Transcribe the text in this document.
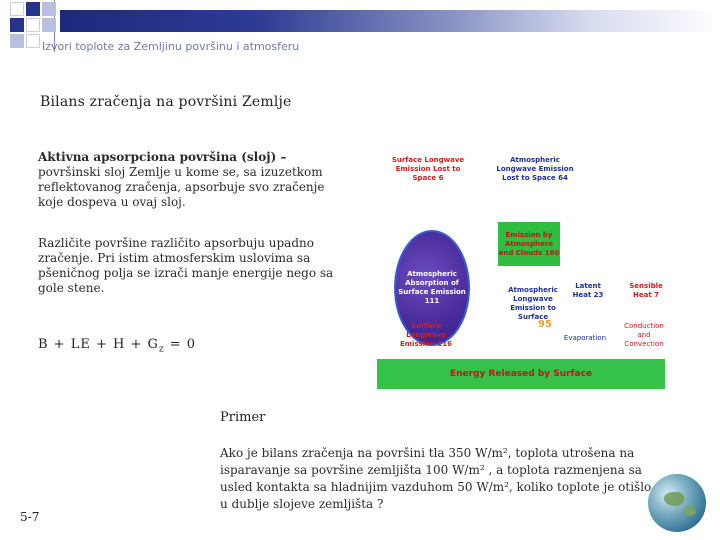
Izvori toplote za Zemljinu površinu i atmosferu
Bilans zračenja na površini Zemlje
Aktivna apsorpciona površina (sloj) – površinski sloj Zemlje u kome se, sa izuzetkom reflektovanog zračenja, apsorbuje svo zračenje koje dospeva u ovaj sloj.
Različite površine različito apsorbuju upadno zračenje. Pri istim atmosferskim uslovima sa pšeničnog polja se izrači manje energije nego sa gole stene.
B + LE + $H + G_z = 0$
Surface Longwave Emission Lost to Space 6
Atmospheric Longwave Emission Lost to Space 64
Atmospheric Absorption of Surface Emission 111
Emission by Atmosphere and Clouds 160
Atmospheric Longwave Emission to Surface
95
Latent Heat 23
Sensible Heat 7
Surface Longwave Emission 116
Evaporation
Conduction and Convection
Energy Released by Surface
Primer
Ako je bilans zračenja na površini tla 350 W/m², toplota utrošena na isparavanje sa površine zemljišta 100 W/m² , a toplota razmenjena sa usled kontakta sa hladnijim vazduhom 50 W/m², koliko toplote je otišlo u dublje slojeve zemljišta ?
5-7
